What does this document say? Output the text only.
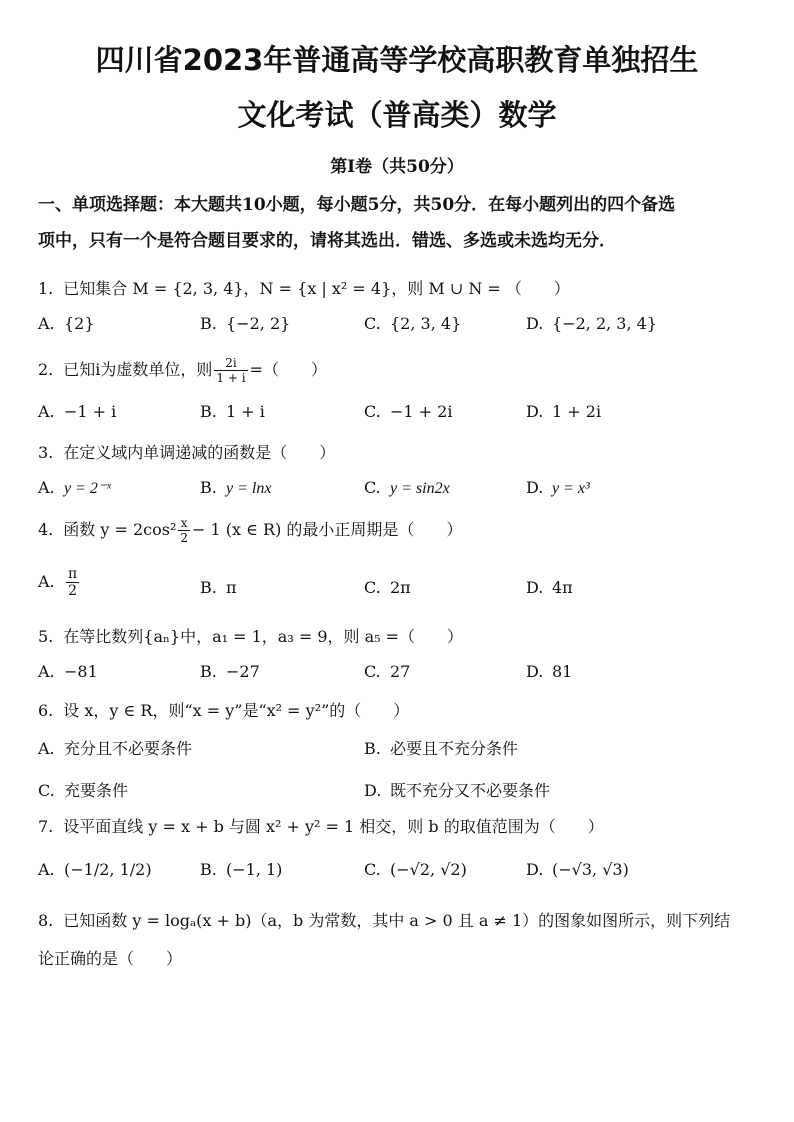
四川省2023年普通高等学校高职教育单独招生
文化考试（普高类）数学
第Ⅰ卷（共50分）
一、单项选择题：本大题共10小题，每小题5分，共50分．在每小题列出的四个备选
项中，只有一个是符合题目要求的，请将其选出．错选、多选或未选均无分．
1. 已知集合 M = {2, 3, 4}，N = {x | x² = 4}，则 M ∪ N = （　　）
A. {2}	B. {−2, 2}	C. {2, 3, 4}	D. {−2, 2, 3, 4}
2. 已知i为虚数单位，则 $\frac{2i}{1 + i}$ =（　　）
A. −1 + i	B. 1 + i	C. −1 + 2i	D. 1 + 2i
3. 在定义域内单调递减的函数是（　　）
A. y = 2⁻ˣ	B. y = lnx	C. y = sin2x	D. y = x³
4. 函数 $y = 2\cos^2 \frac{x}{2} - 1$ (x ∈ R) 的最小正周期是（　　）
A. $\frac{\pi}{2}$	B. π	C. 2π	D. 4π
5. 在等比数列{aₙ}中，a₁ = 1，a₃ = 9，则 a₅ =（　　）
A. −81	B. −27	C. 27	D. 81
6. 设 x，y ∈ R，则“x = y”是“x² = y²”的（　　）
A. 充分且不必要条件	B. 必要且不充分条件
C. 充要条件	D. 既不充分又不必要条件
7. 设平面直线 y = x + b 与圆 x² + y² = 1 相交，则 b 的取值范围为（　　）
A. (−1/2, 1/2)	B. (−1, 1)	C. (−√2, √2)	D. (−√3, √3)
8. 已知函数 y = logₐ(x + b)（a，b 为常数，其中 a > 0 且 a ≠ 1）的图象如图所示，则下列结
论正确的是（　　）
